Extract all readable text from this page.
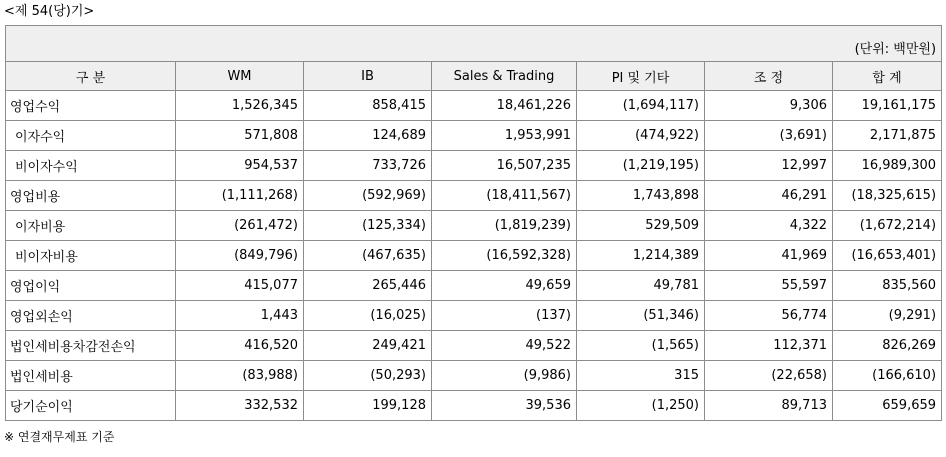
<제 54(당)기>
(단위: 백만원)						
구 분	WM	IB	Sales & Trading	PI 및 기타	조 정	합 계
영업수익	1,526,345	858,415	18,461,226	(1,694,117)	9,306	19,161,175
이자수익	571,808	124,689	1,953,991	(474,922)	(3,691)	2,171,875
비이자수익	954,537	733,726	16,507,235	(1,219,195)	12,997	16,989,300
영업비용	(1,111,268)	(592,969)	(18,411,567)	1,743,898	46,291	(18,325,615)
이자비용	(261,472)	(125,334)	(1,819,239)	529,509	4,322	(1,672,214)
비이자비용	(849,796)	(467,635)	(16,592,328)	1,214,389	41,969	(16,653,401)
영업이익	415,077	265,446	49,659	49,781	55,597	835,560
영업외손익	1,443	(16,025)	(137)	(51,346)	56,774	(9,291)
법인세비용차감전손익	416,520	249,421	49,522	(1,565)	112,371	826,269
법인세비용	(83,988)	(50,293)	(9,986)	315	(22,658)	(166,610)
당기순이익	332,532	199,128	39,536	(1,250)	89,713	659,659
※ 연결재무제표 기준
